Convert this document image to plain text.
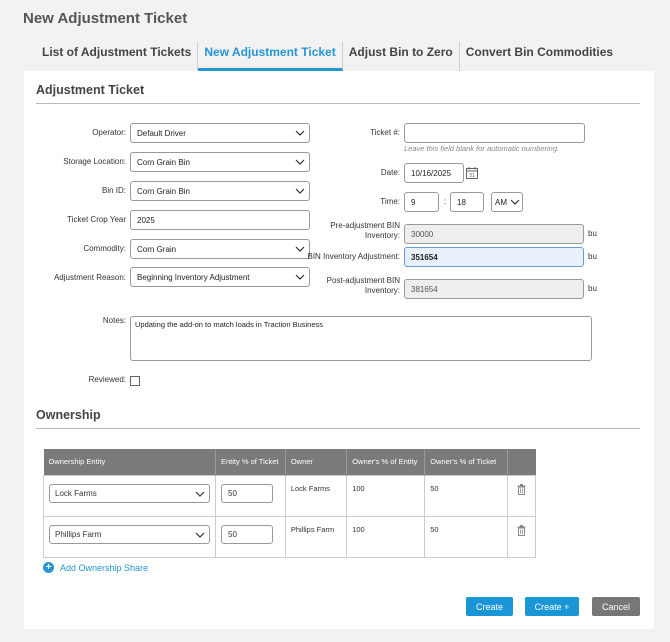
New Adjustment Ticket
List of Adjustment Tickets	New Adjustment Ticket	Adjust Bin to Zero	Convert Bin Commodities
Adjustment Ticket
Operator: Default Driver
Storage Location: Corn Grain Bin
Bin ID: Corn Grain Bin
Ticket Crop Year 2025
Commodity: Corn Grain
Adjustment Reason: Beginning Inventory Adjustment
Ticket #:
Leave this field blank for automatic numbering.
Date: 10/16/2025	31
Time: 9	: 18	AM
Pre-adjustment BIN
Inventory: 30000	bu
BIN Inventory Adjustment: 351654	bu
Post-adjustment BIN
Inventory: 381654	bu
Notes:	Updating the add-on to match loads in Traction Business
Reviewed:
Ownership
Ownership Entity	Entity % of Ticket	Owner	Owner's % of Entity	Owner's % of Ticket	

Lock Farms	50	Lock Farms	100	50	

Phillips Farm	50	Phillips Farm	100	50	
+ Add Ownership Share
Create	Create +	Cancel
